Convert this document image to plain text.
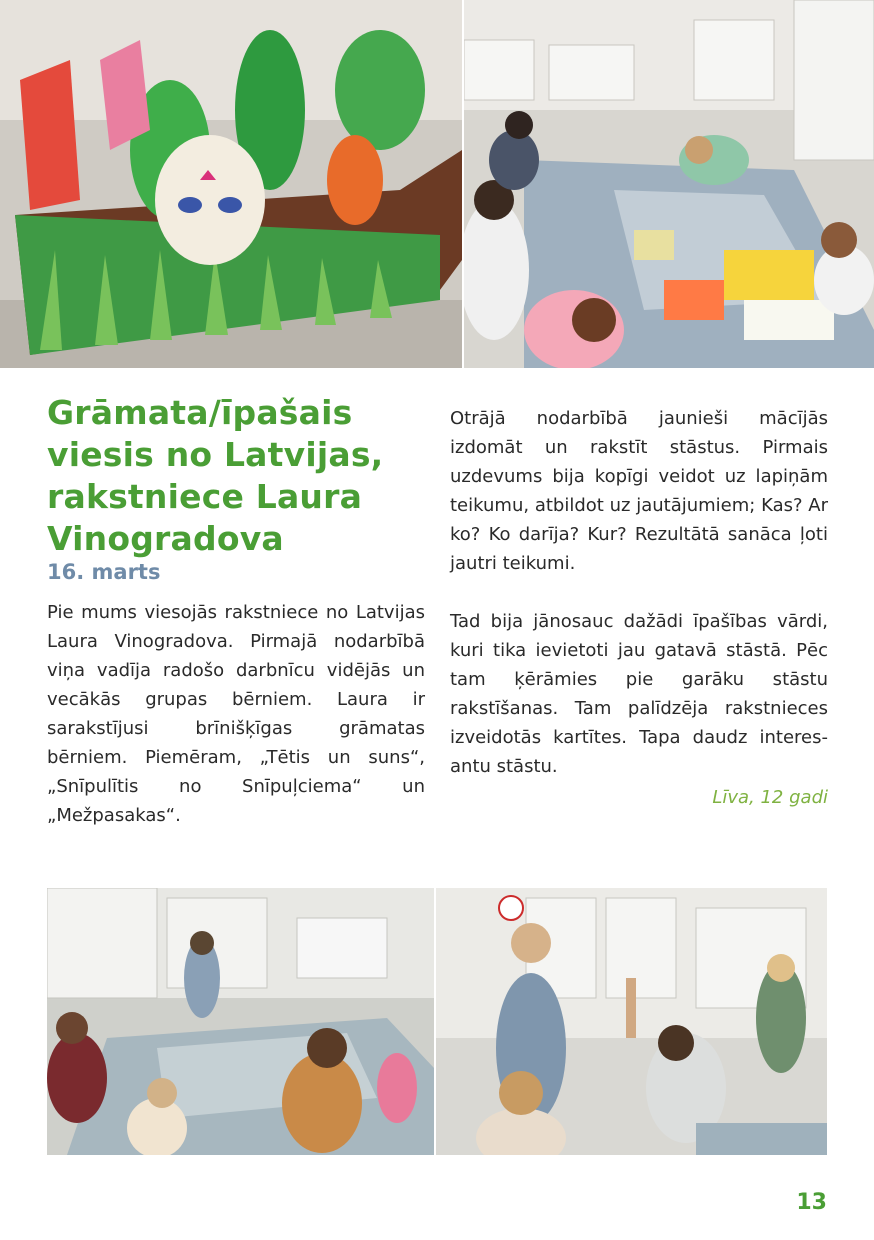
Grāmata/īpašais viesis no Latvijas, rakstniece Laura Vinogradova
16. marts

Pie mums viesojās rakstniece no Latvijas Laura Vinogradova. Pirmajā nodarbībā viņa vadīja radošo darbnīcu vidējās un vecākās grupas bērniem. Laura ir sarakstījusi brīnišķīgas grāmatas bērniem. Piemēram, „Tētis un suns“, „Snīpulītis no Snīpuļciema“ un „Mežpasakas“.

Otrājā nodarbībā jaunieši mācījās izdomāt un rakstīt stāstus. Pirmais uzdevums bija kopīgi veidot uz lapiņām teikumu, atbildot uz jautājumiem; Kas? Ar ko? Ko darīja? Kur? Rezultātā sanāca ļoti jautri teikumi.

Tad bija jānosauc dažādi īpašības vārdi, kuri tika ievietoti jau gatavā stāstā. Pēc tam ķērāmies pie garāku stāstu rakstīšanas. Tam palīdzēja rakstnieces izveidotās kartītes. Tapa daudz interesantu stāstu.

Līva, 12 gadi
13
